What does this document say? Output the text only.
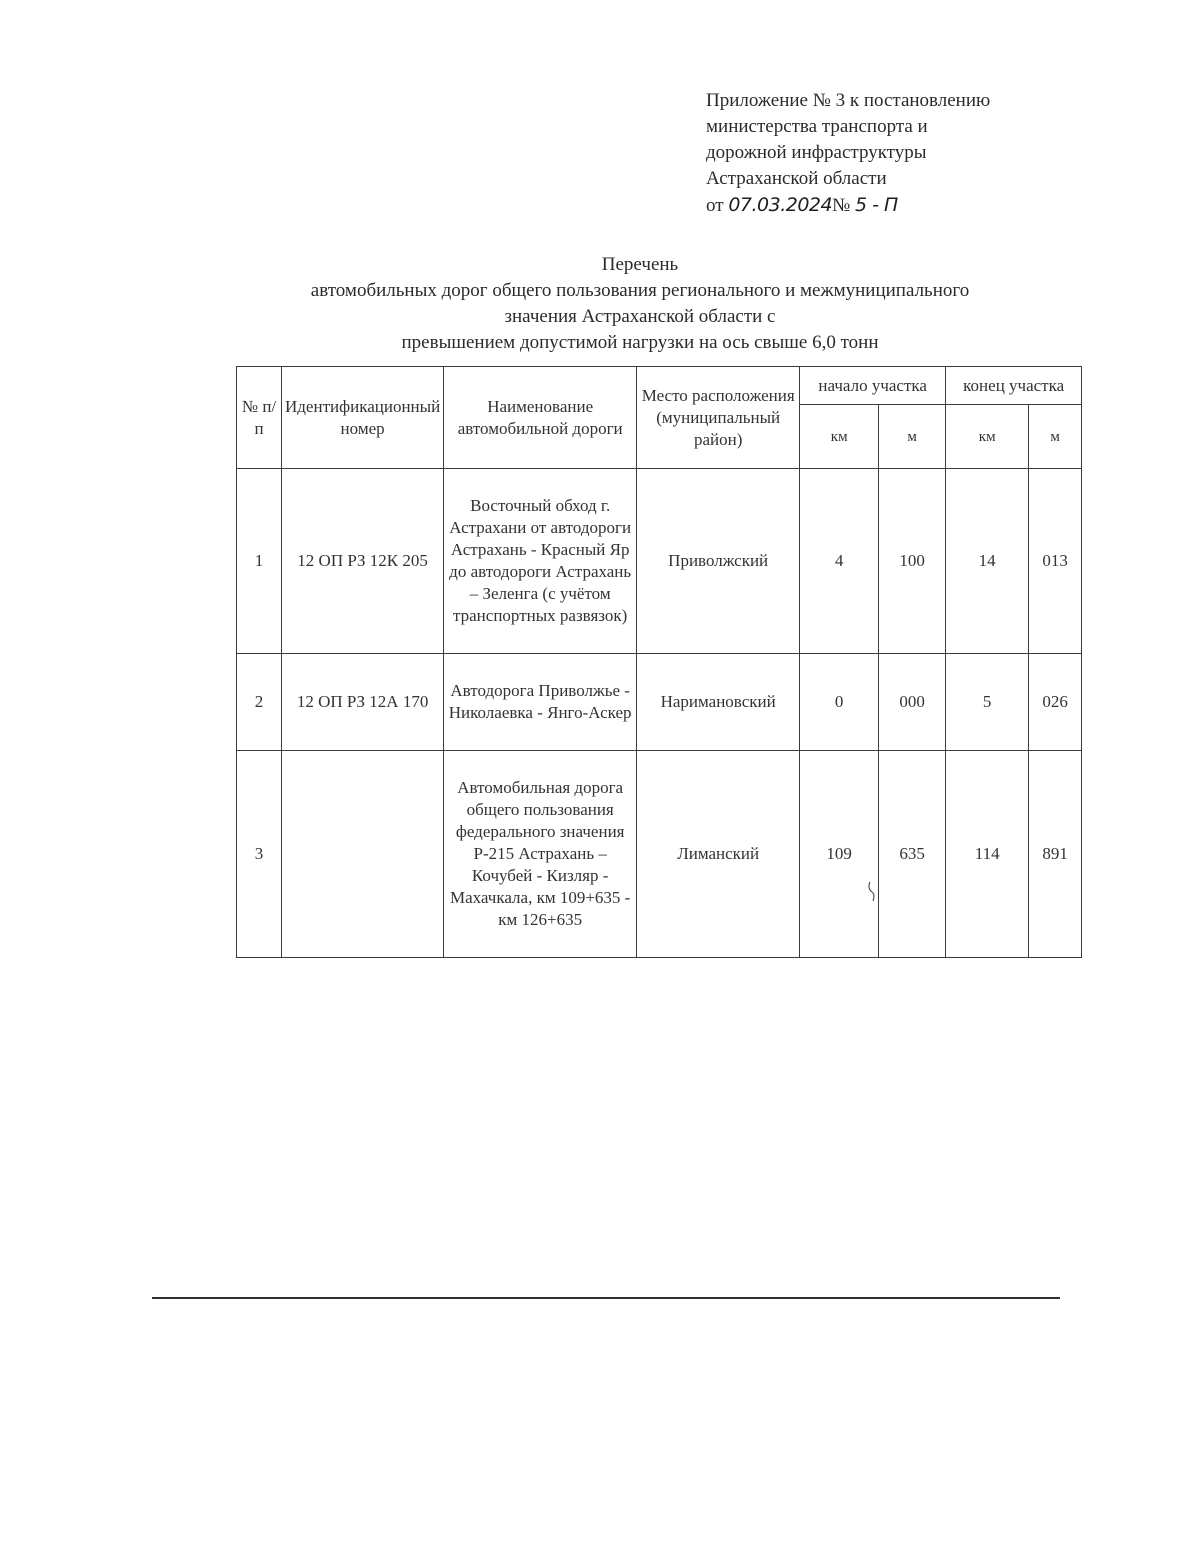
Приложение № 3 к постановлению
министерства транспорта и
дорожной инфраструктуры
Астраханской области
от 07.03.2024№ 5 - П
Перечень
автомобильных дорог общего пользования регионального и межмуниципального
значения Астраханской области с
превышением допустимой нагрузки на ось свыше 6,0 тонн
№ п/п	Идентификационный номер	Наименование автомобильной дороги	Место расположения (муниципальный район)	начало участка		конец участка	
				км	м	км	м
1	12 ОП РЗ 12К 205	Восточный обход г. Астрахани от автодороги Астрахань - Красный Яр до автодороги Астрахань – Зеленга (с учётом транспортных развязок)	Приволжский	4	100	14	013
2	12 ОП РЗ 12А 170	Автодорога Приволжье - Николаевка - Янго-Аскер	Наримановский	0	000	5	026
3		Автомобильная дорога общего пользования федерального значения Р-215 Астрахань – Кочубей - Кизляр - Махачкала, км 109+635 - км 126+635	Лиманский	109	635	114	891
